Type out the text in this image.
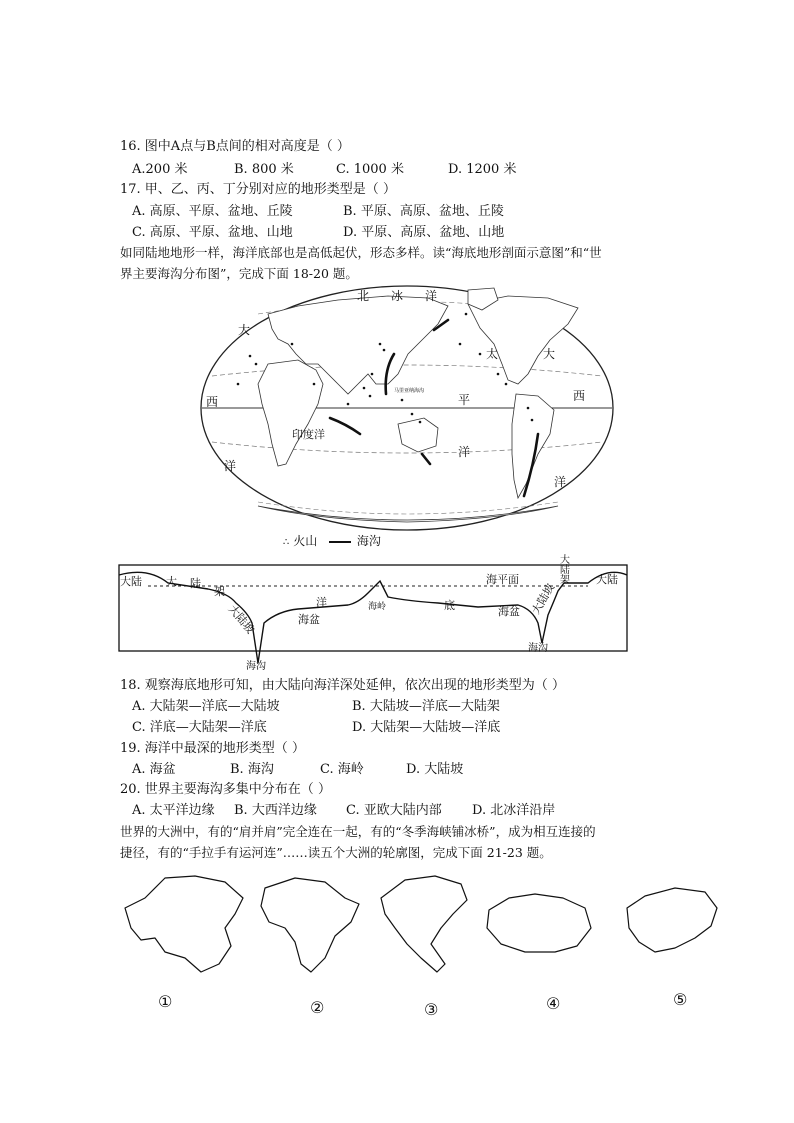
16. 图中A点与B点间的相对高度是（ ）
A.200 米	B. 800 米	C. 1000 米	D. 1200 米
17. 甲、乙、丙、丁分别对应的地形类型是（ ）
A. 高原、平原、盆地、丘陵	B. 平原、高原、盆地、丘陵
C. 高原、平原、盆地、山地	D. 平原、高原、盆地、山地
如同陆地地形一样，海洋底部也是高低起伏，形态多样。读“海底地形剖面示意图”和“世
界主要海沟分布图”，完成下面 18-20 题。
北 冰 洋
大
西
洋
太
平
洋
大
西
洋
印度洋
马里亚纳海沟
∴ 火山	海沟
大陆 大 陆
架
大陆坡
海沟
洋
海盆
海岭	底	海盆
海沟
大陆坡
海平面
大
陆
架 大陆
18. 观察海底地形可知，由大陆向海洋深处延伸，依次出现的地形类型为（ ）
A. 大陆架—洋底—大陆坡	B. 大陆坡—洋底—大陆架
C. 洋底—大陆架—洋底	D. 大陆架—大陆坡—洋底
19. 海洋中最深的地形类型（ ）
A. 海盆	B. 海沟	C. 海岭	D. 大陆坡
20. 世界主要海沟多集中分布在（ ）
A. 太平洋边缘 B. 大西洋边缘 C. 亚欧大陆内部 D. 北冰洋沿岸
世界的大洲中，有的“肩并肩”完全连在一起，有的“冬季海峡铺冰桥”，成为相互连接的
捷径，有的“手拉手有运河连”……读五个大洲的轮廓图，完成下面 21-23 题。
①	②	③	④	⑤
